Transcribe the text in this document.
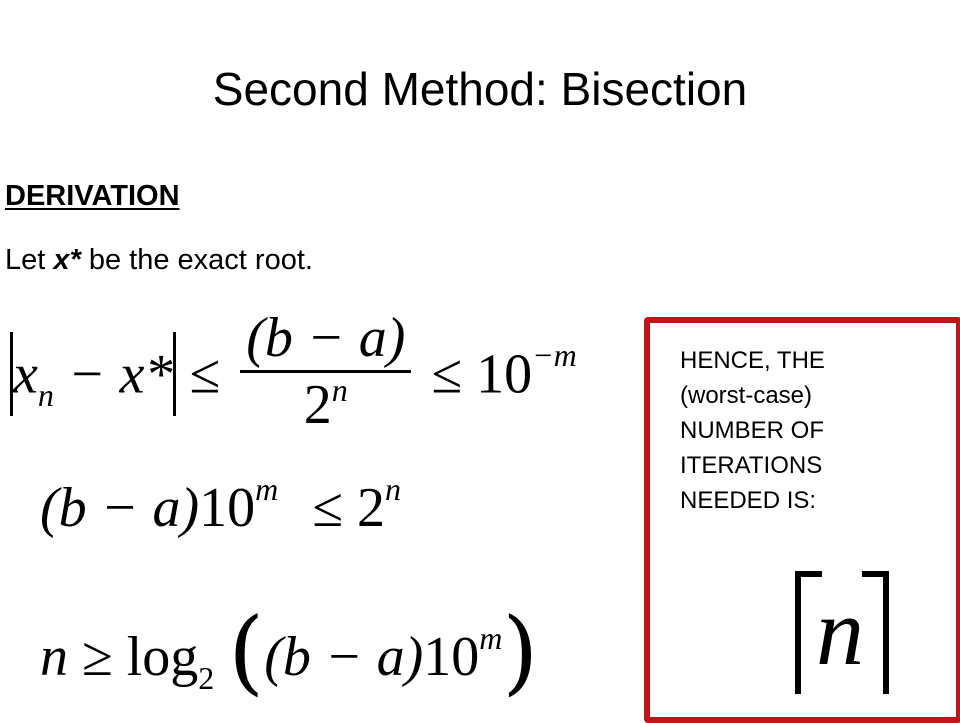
Second Method: Bisection
DERIVATION
Let x* be the exact root.
$x_n - x* \le \frac{(b - a)}{2^n} \le 10^{-m}$
$(b - a)10^m \le 2^n$
$n \ge \log_2 ((b - a)10^m)$
HENCE, THE
(worst-case)
NUMBER OF
ITERATIONS
NEEDED IS:
n
